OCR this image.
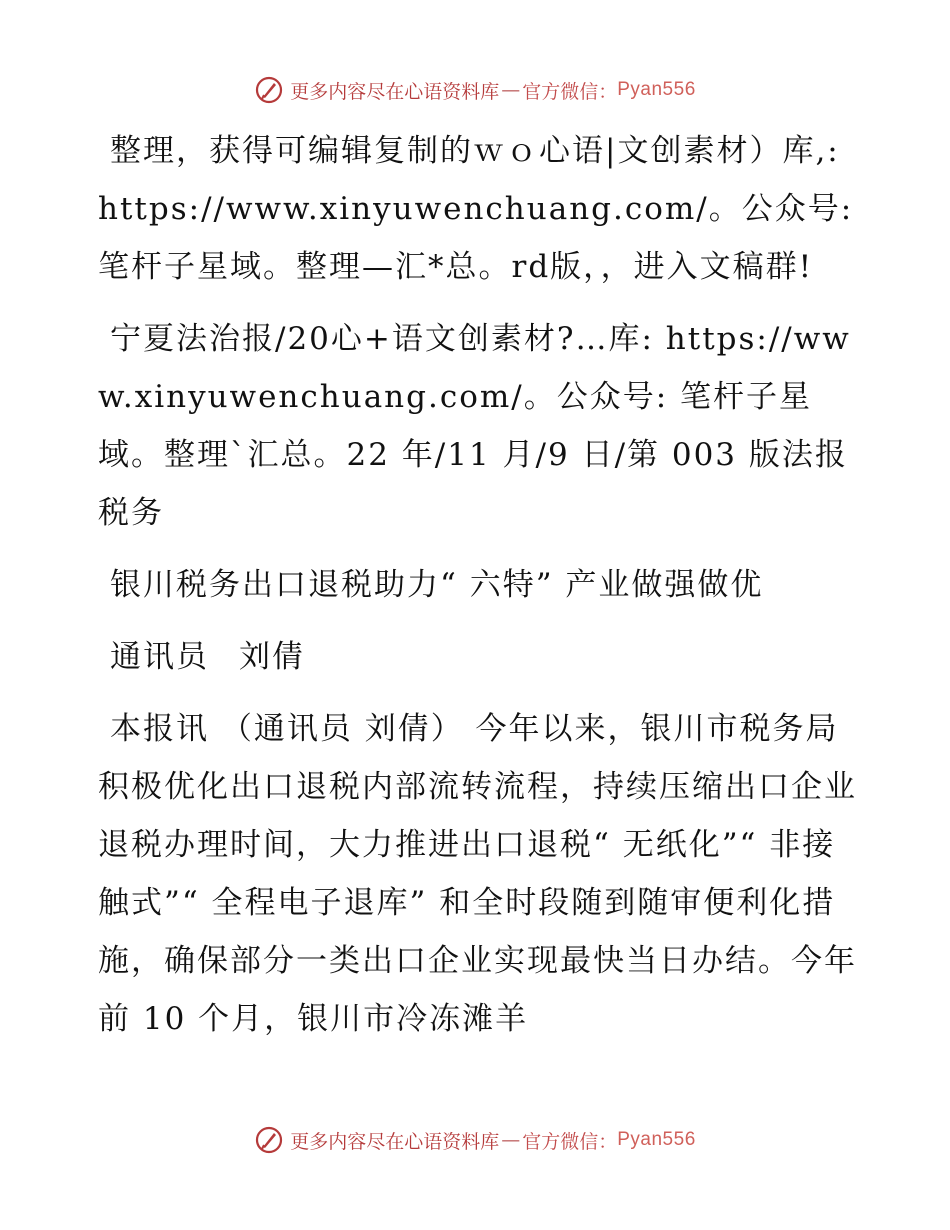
更多内容尽在心语资料库 — 官方微信： Pyan556

整理，获得可编辑复制的ｗｏ心语|文创素材）库,: https://www.xinyuwenchuang.com/。公众号: 笔杆子星域。整理—汇*总。rd版，，进入文稿群!

宁夏法治报/20心+语文创素材?…库: https://www.xinyuwenchuang.com/。公众号: 笔杆子星域。整理`汇总。22 年/11 月/9 日/第 003 版法报税务

银川税务出口退税助力“ 六特” 产业做强做优

通讯员 刘倩

本报讯 （通讯员 刘倩） 今年以来，银川市税务局积极优化出口退税内部流转流程，持续压缩出口企业退税办理时间，大力推进出口退税“ 无纸化”“ 非接触式”“ 全程电子退库” 和全时段随到随审便利化措施，确保部分一类出口企业实现最快当日办结。今年前 10 个月，银川市冷冻滩羊

更多内容尽在心语资料库 — 官方微信： Pyan556
